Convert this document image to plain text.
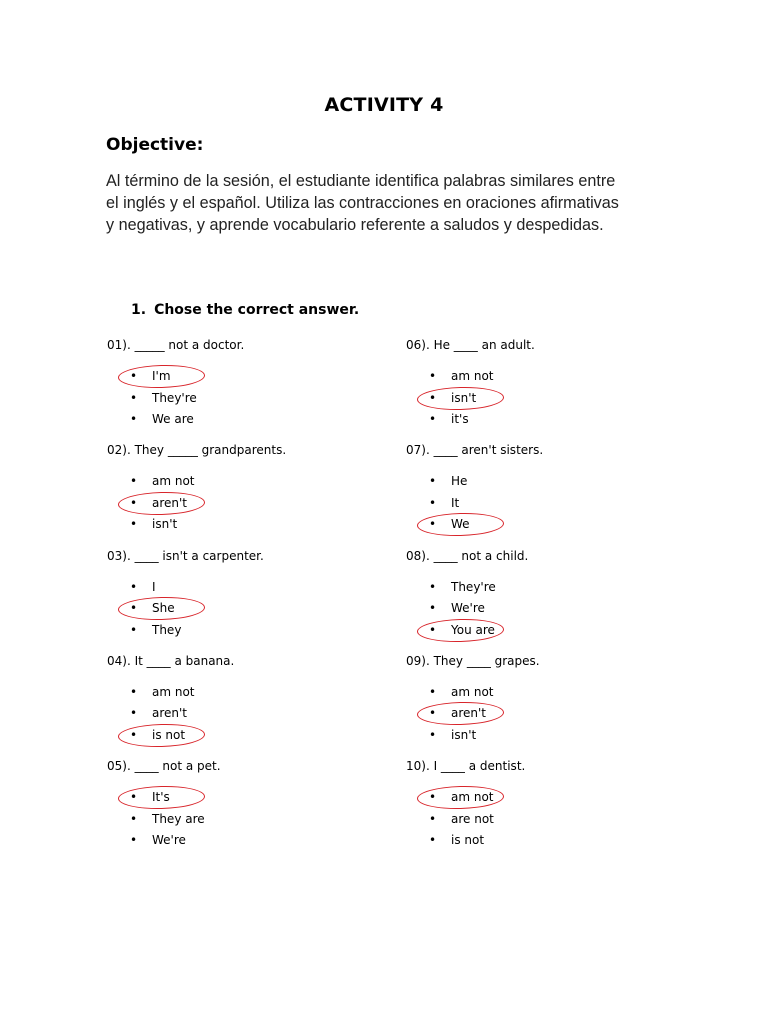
ACTIVITY 4
Objective:
Al término de la sesión, el estudiante identifica palabras similares entre
el inglés y el español. Utiliza las contracciones en oraciones afirmativas
y negativas, y aprende vocabulario referente a saludos y despedidas.
1. Chose the correct answer.
01). _____ not a doctor.
• I'm
• They're
• We are
02). They _____ grandparents.
• am not
• aren't
• isn't
03). ____ isn't a carpenter.
• I
• She
• They
04). It ____ a banana.
• am not
• aren't
• is not
05). ____ not a pet.
• It's
• They are
• We're
06). He ____ an adult.
• am not
• isn't
• it's
07). ____ aren't sisters.
• He
• It
• We
08). ____ not a child.
• They're
• We're
• You are
09). They ____ grapes.
• am not
• aren't
• isn't
10). I ____ a dentist.
• am not
• are not
• is not
